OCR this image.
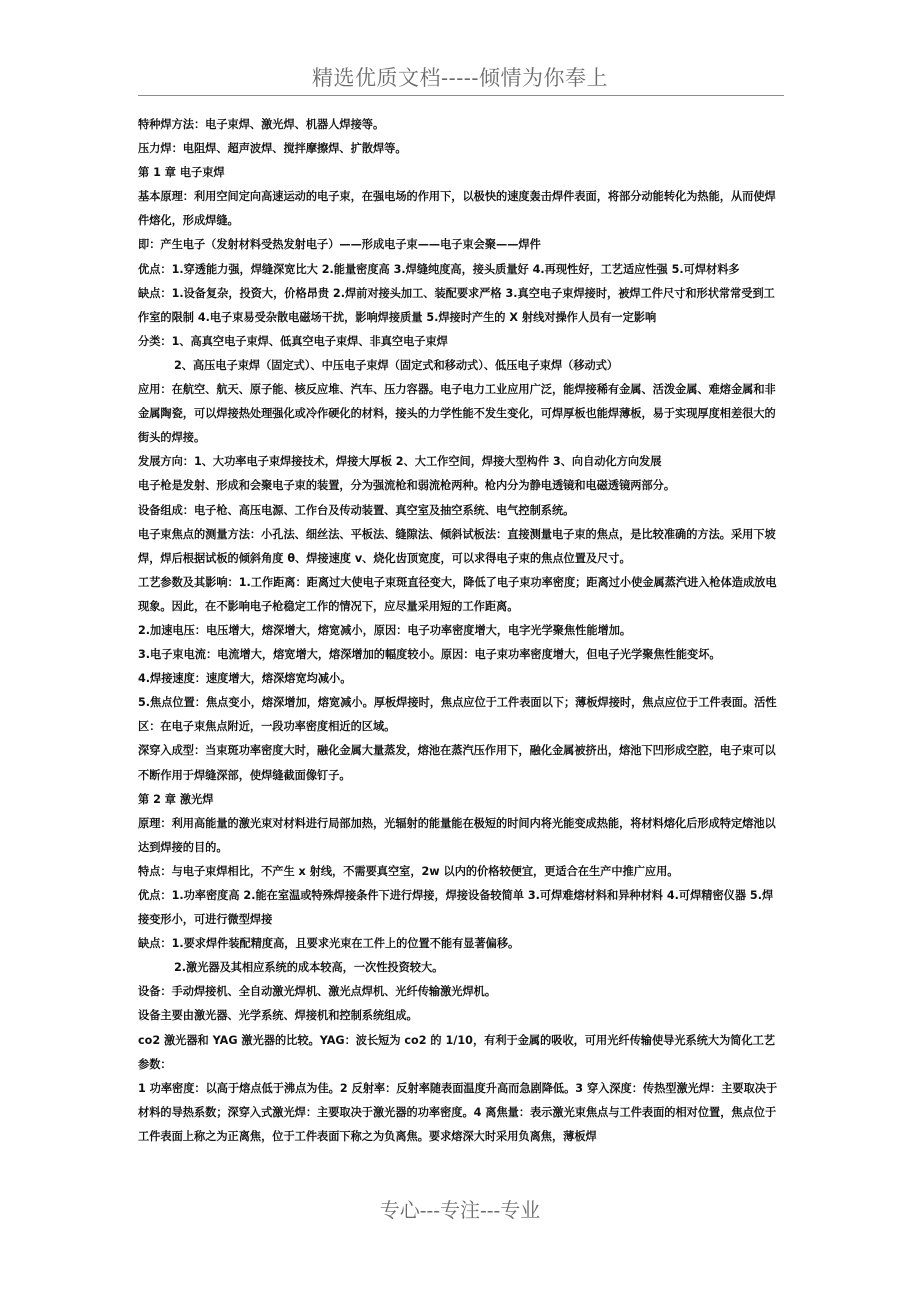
精选优质文档-----倾情为你奉上

特种焊方法：电子束焊、激光焊、机器人焊接等。

压力焊：电阻焊、超声波焊、搅拌摩擦焊、扩散焊等。

第 1 章 电子束焊

基本原理：利用空间定向高速运动的电子束，在强电场的作用下，以极快的速度轰击焊件表面，将部分动能转化为热能，从而使焊件熔化，形成焊缝。

即：产生电子（发射材料受热发射电子）——形成电子束——电子束会聚——焊件

优点：1.穿透能力强，焊缝深宽比大 2.能量密度高 3.焊缝纯度高，接头质量好 4.再现性好，工艺适应性强 5.可焊材料多

缺点：1.设备复杂，投资大，价格昂贵 2.焊前对接头加工、装配要求严格 3.真空电子束焊接时，被焊工件尺寸和形状常常受到工作室的限制 4.电子束易受杂散电磁场干扰，影响焊接质量 5.焊接时产生的 X 射线对操作人员有一定影响

分类：1、高真空电子束焊、低真空电子束焊、非真空电子束焊

2、高压电子束焊（固定式）、中压电子束焊（固定式和移动式）、低压电子束焊（移动式）

应用：在航空、航天、原子能、核反应堆、汽车、压力容器。电子电力工业应用广泛，能焊接稀有金属、活泼金属、难熔金属和非金属陶瓷，可以焊接热处理强化或冷作硬化的材料，接头的力学性能不发生变化，可焊厚板也能焊薄板，易于实现厚度相差很大的街头的焊接。

发展方向：1、大功率电子束焊接技术，焊接大厚板 2、大工作空间，焊接大型构件 3、向自动化方向发展

电子枪是发射、形成和会聚电子束的装置，分为强流枪和弱流枪两种。枪内分为静电透镜和电磁透镜两部分。

设备组成：电子枪、高压电源、工作台及传动装置、真空室及抽空系统、电气控制系统。

电子束焦点的测量方法：小孔法、细丝法、平板法、缝隙法、倾斜试板法：直接测量电子束的焦点，是比较准确的方法。采用下坡焊，焊后根据试板的倾斜角度 θ、焊接速度 v、烧化齿顶宽度，可以求得电子束的焦点位置及尺寸。

工艺参数及其影响：1.工作距离：距离过大使电子束斑直径变大，降低了电子束功率密度；距离过小使金属蒸汽进入枪体造成放电现象。因此，在不影响电子枪稳定工作的情况下，应尽量采用短的工作距离。

2.加速电压：电压增大，熔深增大，熔宽减小，原因：电子功率密度增大，电字光学聚焦性能增加。

3.电子束电流：电流增大，熔宽增大，熔深增加的幅度较小。原因：电子束功率密度增大，但电子光学聚焦性能变坏。

4.焊接速度：速度增大，熔深熔宽均减小。

5.焦点位置：焦点变小，熔深增加，熔宽减小。厚板焊接时，焦点应位于工件表面以下；薄板焊接时，焦点应位于工件表面。活性区：在电子束焦点附近，一段功率密度相近的区域。

深穿入成型：当束斑功率密度大时，融化金属大量蒸发，熔池在蒸汽压作用下，融化金属被挤出，熔池下凹形成空腔，电子束可以不断作用于焊缝深部，使焊缝截面像钉子。

第 2 章 激光焊

原理：利用高能量的激光束对材料进行局部加热，光辐射的能量能在极短的时间内将光能变成热能，将材料熔化后形成特定熔池以达到焊接的目的。

特点：与电子束焊相比，不产生 x 射线，不需要真空室，2w 以内的价格较便宜，更适合在生产中推广应用。

优点：1.功率密度高 2.能在室温或特殊焊接条件下进行焊接，焊接设备较简单 3.可焊难熔材料和异种材料 4.可焊精密仪器 5.焊接变形小，可进行微型焊接

缺点：1.要求焊件装配精度高，且要求光束在工件上的位置不能有显著偏移。

2.激光器及其相应系统的成本较高，一次性投资较大。

设备：手动焊接机、全自动激光焊机、激光点焊机、光纤传输激光焊机。

设备主要由激光器、光学系统、焊接机和控制系统组成。

co2 激光器和 YAG 激光器的比较。YAG：波长短为 co2 的 1/10，有利于金属的吸收，可用光纤传输使导光系统大为简化工艺参数：

1 功率密度：以高于熔点低于沸点为佳。2 反射率：反射率随表面温度升高而急剧降低。3 穿入深度：传热型激光焊：主要取决于材料的导热系数；深穿入式激光焊：主要取决于激光器的功率密度。4 离焦量：表示激光束焦点与工件表面的相对位置，焦点位于工件表面上称之为正离焦，位于工件表面下称之为负离焦。要求熔深大时采用负离焦，薄板焊

专心---专注---专业
